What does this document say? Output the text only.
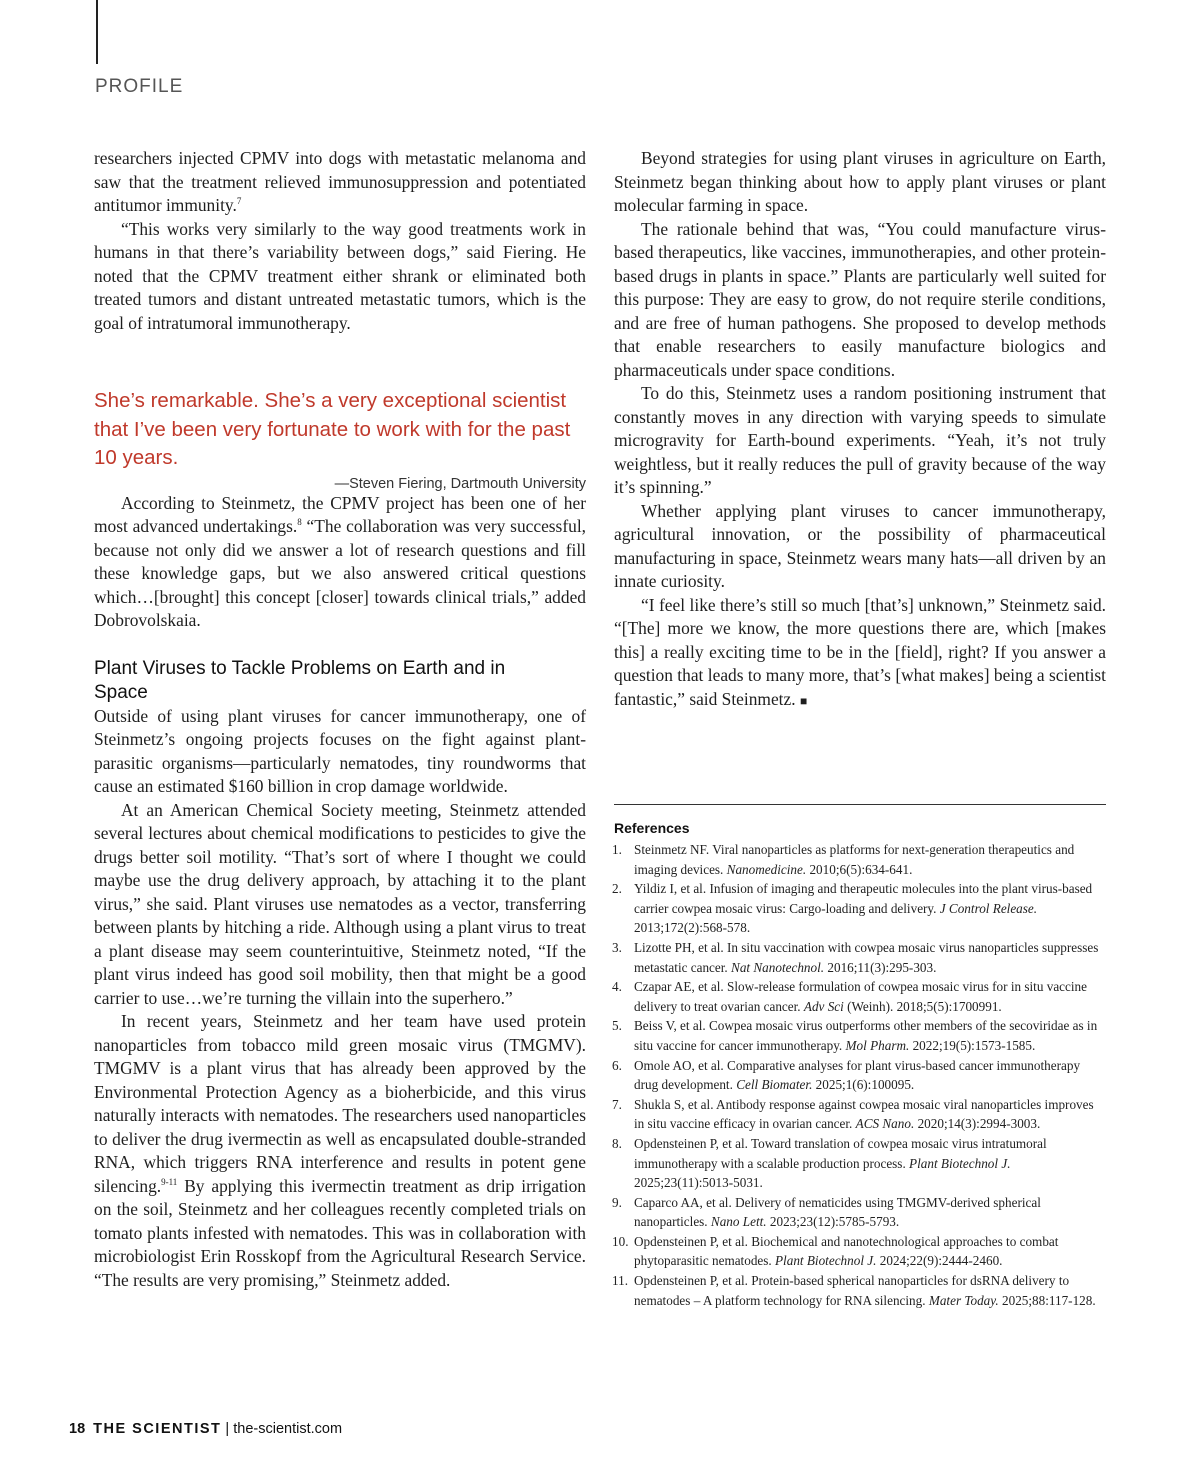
PROFILE

researchers injected CPMV into dogs with metastatic melanoma and saw that the treatment relieved immunosuppression and potentiated antitumor immunity.$^7$

“This works very similarly to the way good treatments work in humans in that there’s variability between dogs,” said Fiering. He noted that the CPMV treatment either shrank or eliminated both treated tumors and distant untreated metastatic tumors, which is the goal of intratumoral immunotherapy.

She’s remarkable. She’s a very exceptional scientist that I’ve been very fortunate to work with for the past 10 years.
—Steven Fiering, Dartmouth University

According to Steinmetz, the CPMV project has been one of her most advanced undertakings.$^8$ “The collaboration was very successful, because not only did we answer a lot of research questions and fill these knowledge gaps, but we also answered critical questions which…[brought] this concept [closer] towards clinical trials,” added Dobrovolskaia.

Plant Viruses to Tackle Problems on Earth and in Space

Outside of using plant viruses for cancer immunotherapy, one of Steinmetz’s ongoing projects focuses on the fight against plant-parasitic organisms—particularly nematodes, tiny roundworms that cause an estimated $160 billion in crop damage worldwide.

At an American Chemical Society meeting, Steinmetz attended several lectures about chemical modifications to pesticides to give the drugs better soil motility. “That’s sort of where I thought we could maybe use the drug delivery approach, by attaching it to the plant virus,” she said. Plant viruses use nematodes as a vector, transferring between plants by hitching a ride. Although using a plant virus to treat a plant disease may seem counterintuitive, Steinmetz noted, “If the plant virus indeed has good soil mobility, then that might be a good carrier to use…we’re turning the villain into the superhero.”

In recent years, Steinmetz and her team have used protein nanoparticles from tobacco mild green mosaic virus (TMGMV). TMGMV is a plant virus that has already been approved by the Environmental Protection Agency as a bioherbicide, and this virus naturally interacts with nematodes. The researchers used nanoparticles to deliver the drug ivermectin as well as encapsulated double-stranded RNA, which triggers RNA interference and results in potent gene silencing.$^{9-11}$ By applying this ivermectin treatment as drip irrigation on the soil, Steinmetz and her colleagues recently completed trials on tomato plants infested with nematodes. This was in collaboration with microbiologist Erin Rosskopf from the Agricultural Research Service. “The results are very promising,” Steinmetz added.

Beyond strategies for using plant viruses in agriculture on Earth, Steinmetz began thinking about how to apply plant viruses or plant molecular farming in space.

The rationale behind that was, “You could manufacture virus-based therapeutics, like vaccines, immunotherapies, and other protein-based drugs in plants in space.” Plants are particularly well suited for this purpose: They are easy to grow, do not require sterile conditions, and are free of human pathogens. She proposed to develop methods that enable researchers to easily manufacture biologics and pharmaceuticals under space conditions.

To do this, Steinmetz uses a random positioning instrument that constantly moves in any direction with varying speeds to simulate microgravity for Earth-bound experiments. “Yeah, it’s not truly weightless, but it really reduces the pull of gravity because of the way it’s spinning.”

Whether applying plant viruses to cancer immunotherapy, agricultural innovation, or the possibility of pharmaceutical manufacturing in space, Steinmetz wears many hats—all driven by an innate curiosity.

“I feel like there’s still so much [that’s] unknown,” Steinmetz said. “[The] more we know, the more questions there are, which [makes this] a really exciting time to be in the [field], right? If you answer a question that leads to many more, that’s [what makes] being a scientist fantastic,” said Steinmetz. ■

References
1. Steinmetz NF. Viral nanoparticles as platforms for next-generation therapeutics and imaging devices. Nanomedicine. 2010;6(5):634-641.
2. Yildiz I, et al. Infusion of imaging and therapeutic molecules into the plant virus-based carrier cowpea mosaic virus: Cargo-loading and delivery. J Control Release. 2013;172(2):568-578.
3. Lizotte PH, et al. In situ vaccination with cowpea mosaic virus nanoparticles suppresses metastatic cancer. Nat Nanotechnol. 2016;11(3):295-303.
4. Czapar AE, et al. Slow-release formulation of cowpea mosaic virus for in situ vaccine delivery to treat ovarian cancer. Adv Sci (Weinh). 2018;5(5):1700991.
5. Beiss V, et al. Cowpea mosaic virus outperforms other members of the secoviridae as in situ vaccine for cancer immunotherapy. Mol Pharm. 2022;19(5):1573-1585.
6. Omole AO, et al. Comparative analyses for plant virus-based cancer immunotherapy drug development. Cell Biomater. 2025;1(6):100095.
7. Shukla S, et al. Antibody response against cowpea mosaic viral nanoparticles improves in situ vaccine efficacy in ovarian cancer. ACS Nano. 2020;14(3):2994-3003.
8. Opdensteinen P, et al. Toward translation of cowpea mosaic virus intratumoral immunotherapy with a scalable production process. Plant Biotechnol J. 2025;23(11):5013-5031.
9. Caparco AA, et al. Delivery of nematicides using TMGMV-derived spherical nanoparticles. Nano Lett. 2023;23(12):5785-5793.
10. Opdensteinen P, et al. Biochemical and nanotechnological approaches to combat phytoparasitic nematodes. Plant Biotechnol J. 2024;22(9):2444-2460.
11. Opdensteinen P, et al. Protein-based spherical nanoparticles for dsRNA delivery to nematodes – A platform technology for RNA silencing. Mater Today. 2025;88:117-128.
18 THE SCIENTIST | the-scientist.com
